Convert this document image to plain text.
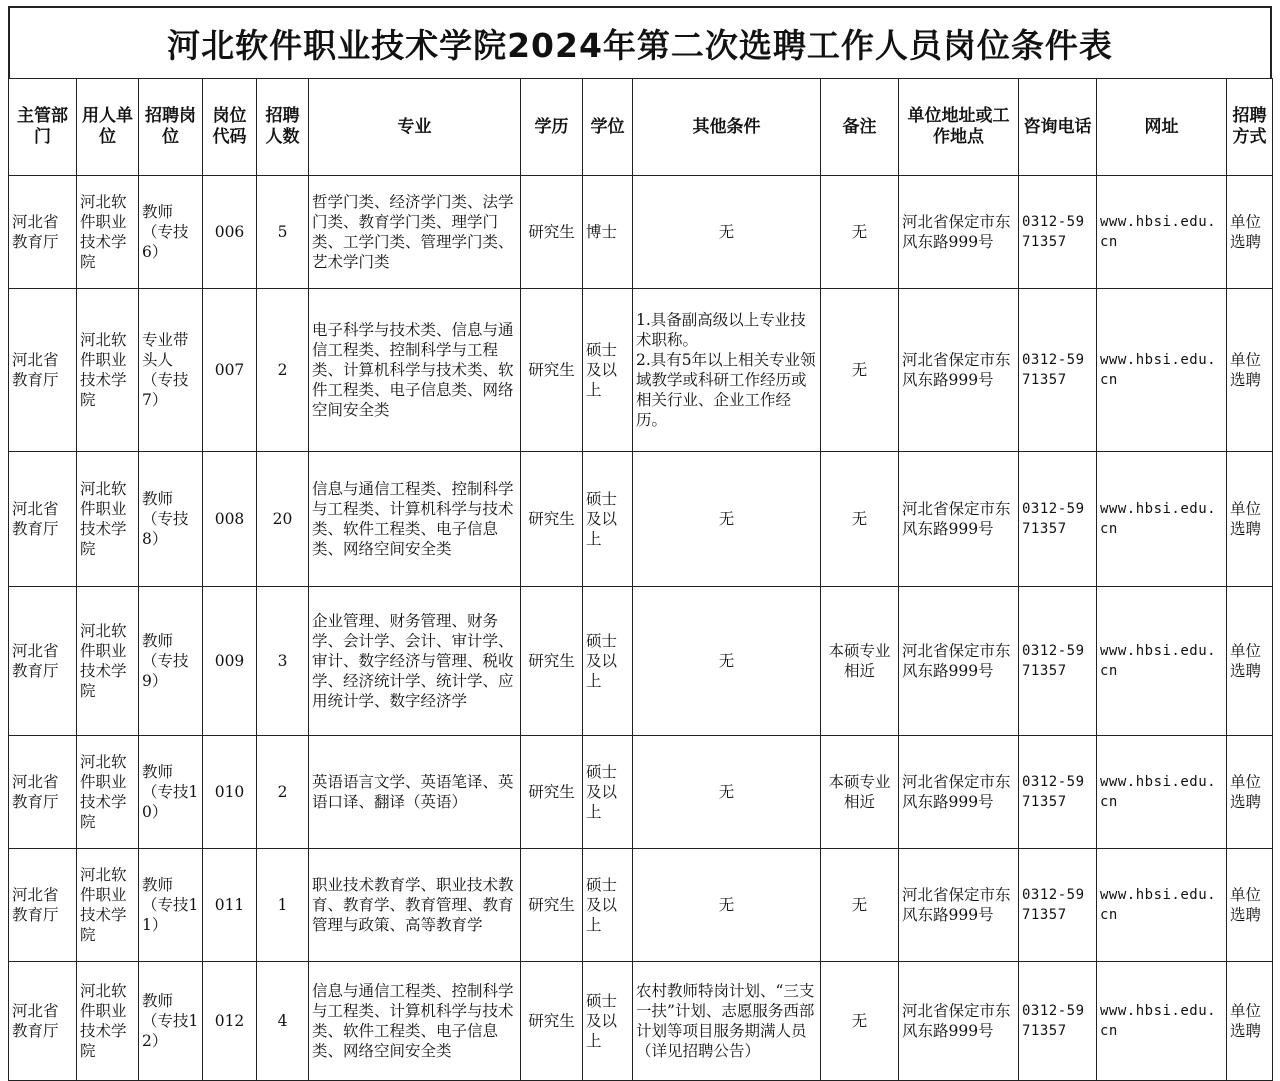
河北软件职业技术学院2024年第二次选聘工作人员岗位条件表
主管部门	用人单位	招聘岗位	岗位代码	招聘人数	专业	学历	学位	其他条件	备注	单位地址或工作地点	咨询电话	网址	招聘方式
河北省教育厅	河北软件职业技术学院	教师（专技6）	006	5	哲学门类、经济学门类、法学门类、教育学门类、理学门类、工学门类、管理学门类、艺术学门类	研究生	博士	无	无	河北省保定市东风东路999号	0312-5971357	www.hbsi.edu.cn	单位选聘
河北省教育厅	河北软件职业技术学院	专业带头人（专技7）	007	2	电子科学与技术类、信息与通信工程类、控制科学与工程类、计算机科学与技术类、软件工程类、电子信息类、网络空间安全类	研究生	硕士及以上	1.具备副高级以上专业技术职称。
2.具有5年以上相关专业领域教学或科研工作经历或相关行业、企业工作经历。	无	河北省保定市东风东路999号	0312-5971357	www.hbsi.edu.cn	单位选聘
河北省教育厅	河北软件职业技术学院	教师（专技8）	008	20	信息与通信工程类、控制科学与工程类、计算机科学与技术类、软件工程类、电子信息类、网络空间安全类	研究生	硕士及以上	无	无	河北省保定市东风东路999号	0312-5971357	www.hbsi.edu.cn	单位选聘
河北省教育厅	河北软件职业技术学院	教师（专技9）	009	3	企业管理、财务管理、财务学、会计学、会计、审计学、审计、数字经济与管理、税收学、经济统计学、统计学、应用统计学、数字经济学	研究生	硕士及以上	无	本硕专业相近	河北省保定市东风东路999号	0312-5971357	www.hbsi.edu.cn	单位选聘
河北省教育厅	河北软件职业技术学院	教师（专技10）	010	2	英语语言文学、英语笔译、英语口译、翻译（英语）	研究生	硕士及以上	无	本硕专业相近	河北省保定市东风东路999号	0312-5971357	www.hbsi.edu.cn	单位选聘
河北省教育厅	河北软件职业技术学院	教师（专技11）	011	1	职业技术教育学、职业技术教育、教育学、教育管理、教育管理与政策、高等教育学	研究生	硕士及以上	无	无	河北省保定市东风东路999号	0312-5971357	www.hbsi.edu.cn	单位选聘
河北省教育厅	河北软件职业技术学院	教师（专技12）	012	4	信息与通信工程类、控制科学与工程类、计算机科学与技术类、软件工程类、电子信息类、网络空间安全类	研究生	硕士及以上	农村教师特岗计划、“三支一扶”计划、志愿服务西部计划等项目服务期满人员（详见招聘公告）	无	河北省保定市东风东路999号	0312-5971357	www.hbsi.edu.cn	单位选聘
